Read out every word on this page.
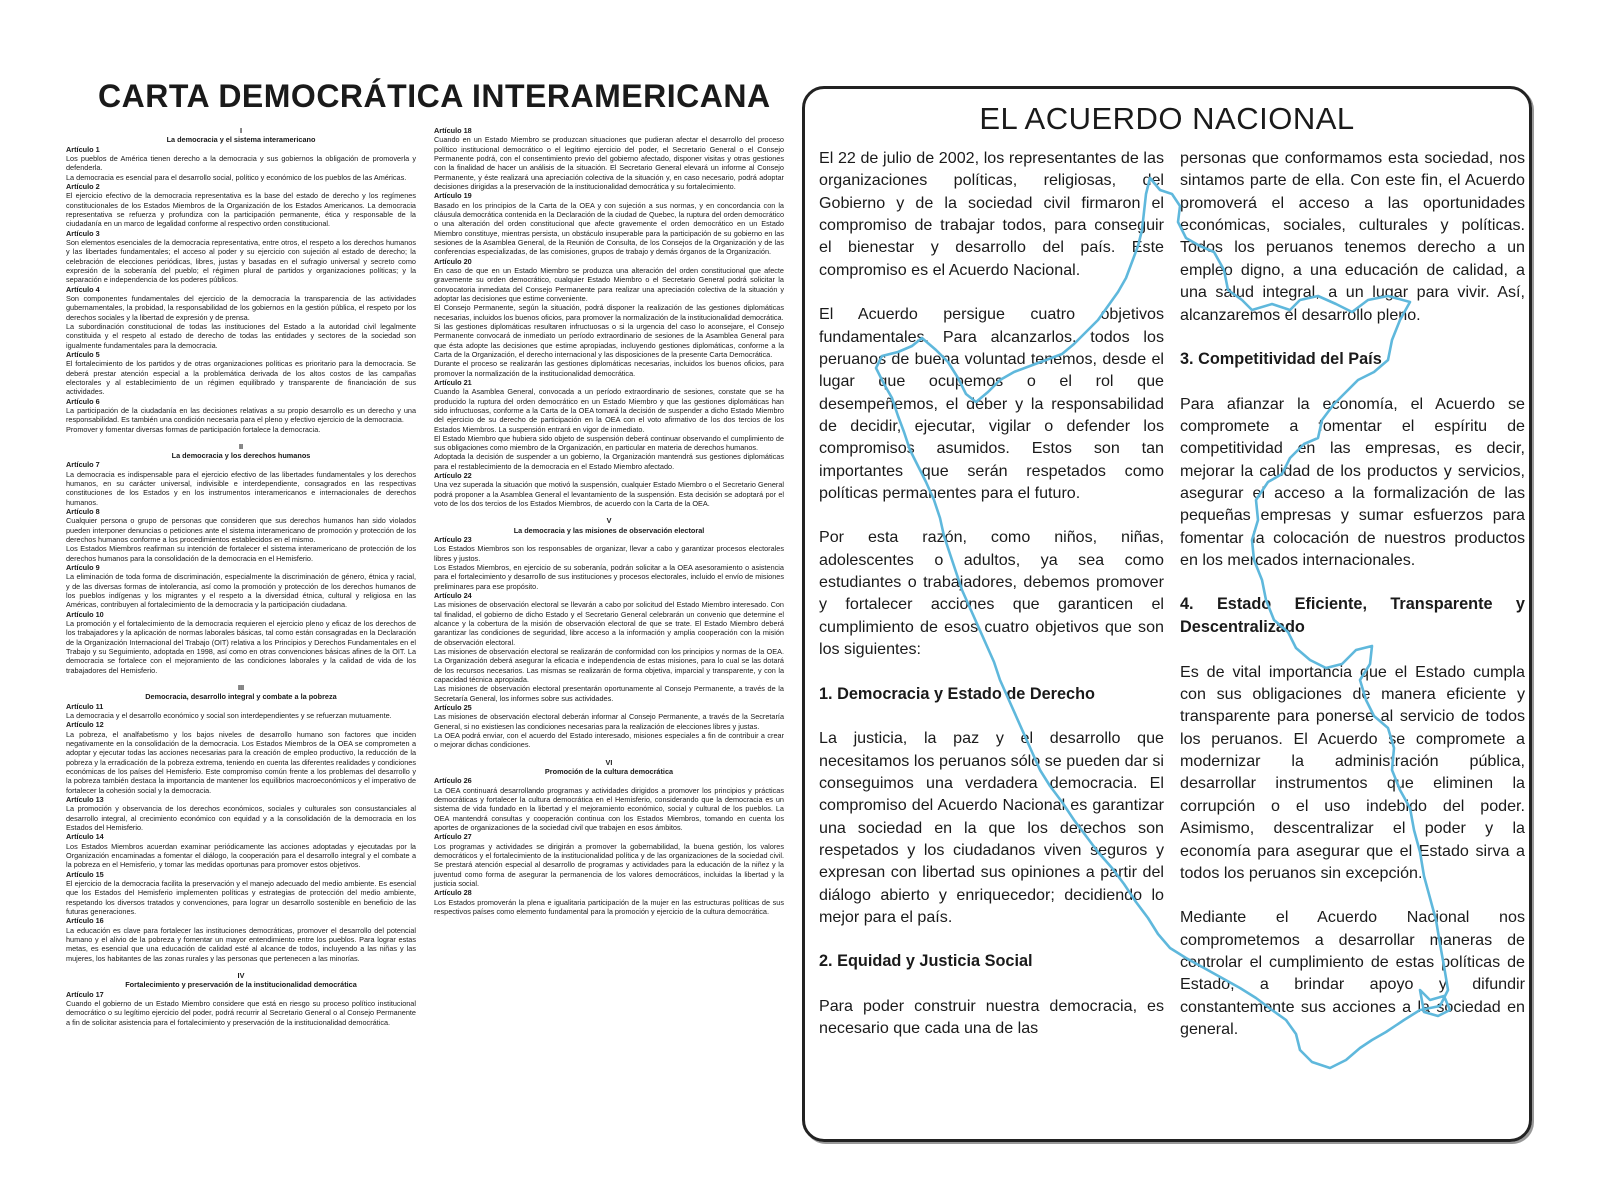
CARTA DEMOCRÁTICA INTERAMERICANA
I
La democracia y el sistema interamericano
Artículo 1
Los pueblos de América tienen derecho a la democracia y sus gobiernos la obligación de promoverla y defenderla.
La democracia es esencial para el desarrollo social, político y económico de los pueblos de las Américas.
Artículo 2
El ejercicio efectivo de la democracia representativa es la base del estado de derecho y los regímenes constitucionales de los Estados Miembros de la Organización de los Estados Americanos. La democracia representativa se refuerza y profundiza con la participación permanente, ética y responsable de la ciudadanía en un marco de legalidad conforme al respectivo orden constitucional.
Artículo 3
Son elementos esenciales de la democracia representativa, entre otros, el respeto a los derechos humanos y las libertades fundamentales; el acceso al poder y su ejercicio con sujeción al estado de derecho; la celebración de elecciones periódicas, libres, justas y basadas en el sufragio universal y secreto como expresión de la soberanía del pueblo; el régimen plural de partidos y organizaciones políticas; y la separación e independencia de los poderes públicos.
Artículo 4
Son componentes fundamentales del ejercicio de la democracia la transparencia de las actividades gubernamentales, la probidad, la responsabilidad de los gobiernos en la gestión pública, el respeto por los derechos sociales y la libertad de expresión y de prensa.
La subordinación constitucional de todas las instituciones del Estado a la autoridad civil legalmente constituida y el respeto al estado de derecho de todas las entidades y sectores de la sociedad son igualmente fundamentales para la democracia.
Artículo 5
El fortalecimiento de los partidos y de otras organizaciones políticas es prioritario para la democracia. Se deberá prestar atención especial a la problemática derivada de los altos costos de las campañas electorales y al establecimiento de un régimen equilibrado y transparente de financiación de sus actividades.
Artículo 6
La participación de la ciudadanía en las decisiones relativas a su propio desarrollo es un derecho y una responsabilidad. Es también una condición necesaria para el pleno y efectivo ejercicio de la democracia.
Promover y fomentar diversas formas de participación fortalece la democracia.
II
La democracia y los derechos humanos
Artículo 7
La democracia es indispensable para el ejercicio efectivo de las libertades fundamentales y los derechos humanos, en su carácter universal, indivisible e interdependiente, consagrados en las respectivas constituciones de los Estados y en los instrumentos interamericanos e internacionales de derechos humanos.
Artículo 8
Cualquier persona o grupo de personas que consideren que sus derechos humanos han sido violados pueden interponer denuncias o peticiones ante el sistema interamericano de promoción y protección de los derechos humanos conforme a los procedimientos establecidos en el mismo.
Los Estados Miembros reafirman su intención de fortalecer el sistema interamericano de protección de los derechos humanos para la consolidación de la democracia en el Hemisferio.
Artículo 9
La eliminación de toda forma de discriminación, especialmente la discriminación de género, étnica y racial, y de las diversas formas de intolerancia, así como la promoción y protección de los derechos humanos de los pueblos indígenas y los migrantes y el respeto a la diversidad étnica, cultural y religiosa en las Américas, contribuyen al fortalecimiento de la democracia y la participación ciudadana.
Artículo 10
La promoción y el fortalecimiento de la democracia requieren el ejercicio pleno y eficaz de los derechos de los trabajadores y la aplicación de normas laborales básicas, tal como están consagradas en la Declaración de la Organización Internacional del Trabajo (OIT) relativa a los Principios y Derechos Fundamentales en el Trabajo y su Seguimiento, adoptada en 1998, así como en otras convenciones básicas afines de la OIT. La democracia se fortalece con el mejoramiento de las condiciones laborales y la calidad de vida de los trabajadores del Hemisferio.
III
Democracia, desarrollo integral y combate a la pobreza
Artículo 11
La democracia y el desarrollo económico y social son interdependientes y se refuerzan mutuamente.
Artículo 12
La pobreza, el analfabetismo y los bajos niveles de desarrollo humano son factores que inciden negativamente en la consolidación de la democracia. Los Estados Miembros de la OEA se comprometen a adoptar y ejecutar todas las acciones necesarias para la creación de empleo productivo, la reducción de la pobreza y la erradicación de la pobreza extrema, teniendo en cuenta las diferentes realidades y condiciones económicas de los países del Hemisferio. Este compromiso común frente a los problemas del desarrollo y la pobreza también destaca la importancia de mantener los equilibrios macroeconómicos y el imperativo de fortalecer la cohesión social y la democracia.
Artículo 13
La promoción y observancia de los derechos económicos, sociales y culturales son consustanciales al desarrollo integral, al crecimiento económico con equidad y a la consolidación de la democracia en los Estados del Hemisferio.
Artículo 14
Los Estados Miembros acuerdan examinar periódicamente las acciones adoptadas y ejecutadas por la Organización encaminadas a fomentar el diálogo, la cooperación para el desarrollo integral y el combate a la pobreza en el Hemisferio, y tomar las medidas oportunas para promover estos objetivos.
Artículo 15
El ejercicio de la democracia facilita la preservación y el manejo adecuado del medio ambiente. Es esencial que los Estados del Hemisferio implementen políticas y estrategias de protección del medio ambiente, respetando los diversos tratados y convenciones, para lograr un desarrollo sostenible en beneficio de las futuras generaciones.
Artículo 16
La educación es clave para fortalecer las instituciones democráticas, promover el desarrollo del potencial humano y el alivio de la pobreza y fomentar un mayor entendimiento entre los pueblos. Para lograr estas metas, es esencial que una educación de calidad esté al alcance de todos, incluyendo a las niñas y las mujeres, los habitantes de las zonas rurales y las personas que pertenecen a las minorías.
IV
Fortalecimiento y preservación de la institucionalidad democrática
Artículo 17
Cuando el gobierno de un Estado Miembro considere que está en riesgo su proceso político institucional democrático o su legítimo ejercicio del poder, podrá recurrir al Secretario General o al Consejo Permanente a fin de solicitar asistencia para el fortalecimiento y preservación de la institucionalidad democrática.
Artículo 18
Cuando en un Estado Miembro se produzcan situaciones que pudieran afectar el desarrollo del proceso político institucional democrático o el legítimo ejercicio del poder, el Secretario General o el Consejo Permanente podrá, con el consentimiento previo del gobierno afectado, disponer visitas y otras gestiones con la finalidad de hacer un análisis de la situación. El Secretario General elevará un informe al Consejo Permanente, y éste realizará una apreciación colectiva de la situación y, en caso necesario, podrá adoptar decisiones dirigidas a la preservación de la institucionalidad democrática y su fortalecimiento.
Artículo 19
Basado en los principios de la Carta de la OEA y con sujeción a sus normas, y en concordancia con la cláusula democrática contenida en la Declaración de la ciudad de Quebec, la ruptura del orden democrático o una alteración del orden constitucional que afecte gravemente el orden democrático en un Estado Miembro constituye, mientras persista, un obstáculo insuperable para la participación de su gobierno en las sesiones de la Asamblea General, de la Reunión de Consulta, de los Consejos de la Organización y de las conferencias especializadas, de las comisiones, grupos de trabajo y demás órganos de la Organización.
Artículo 20
En caso de que en un Estado Miembro se produzca una alteración del orden constitucional que afecte gravemente su orden democrático, cualquier Estado Miembro o el Secretario General podrá solicitar la convocatoria inmediata del Consejo Permanente para realizar una apreciación colectiva de la situación y adoptar las decisiones que estime conveniente.
El Consejo Permanente, según la situación, podrá disponer la realización de las gestiones diplomáticas necesarias, incluidos los buenos oficios, para promover la normalización de la institucionalidad democrática.
Si las gestiones diplomáticas resultaren infructuosas o si la urgencia del caso lo aconsejare, el Consejo Permanente convocará de inmediato un período extraordinario de sesiones de la Asamblea General para que ésta adopte las decisiones que estime apropiadas, incluyendo gestiones diplomáticas, conforme a la Carta de la Organización, el derecho internacional y las disposiciones de la presente Carta Democrática.
Durante el proceso se realizarán las gestiones diplomáticas necesarias, incluidos los buenos oficios, para promover la normalización de la institucionalidad democrática.
Artículo 21
Cuando la Asamblea General, convocada a un período extraordinario de sesiones, constate que se ha producido la ruptura del orden democrático en un Estado Miembro y que las gestiones diplomáticas han sido infructuosas, conforme a la Carta de la OEA tomará la decisión de suspender a dicho Estado Miembro del ejercicio de su derecho de participación en la OEA con el voto afirmativo de los dos tercios de los Estados Miembros. La suspensión entrará en vigor de inmediato.
El Estado Miembro que hubiera sido objeto de suspensión deberá continuar observando el cumplimiento de sus obligaciones como miembro de la Organización, en particular en materia de derechos humanos.
Adoptada la decisión de suspender a un gobierno, la Organización mantendrá sus gestiones diplomáticas para el restablecimiento de la democracia en el Estado Miembro afectado.
Artículo 22
Una vez superada la situación que motivó la suspensión, cualquier Estado Miembro o el Secretario General podrá proponer a la Asamblea General el levantamiento de la suspensión. Esta decisión se adoptará por el voto de los dos tercios de los Estados Miembros, de acuerdo con la Carta de la OEA.
V
La democracia y las misiones de observación electoral
Artículo 23
Los Estados Miembros son los responsables de organizar, llevar a cabo y garantizar procesos electorales libres y justos.
Los Estados Miembros, en ejercicio de su soberanía, podrán solicitar a la OEA asesoramiento o asistencia para el fortalecimiento y desarrollo de sus instituciones y procesos electorales, incluido el envío de misiones preliminares para ese propósito.
Artículo 24
Las misiones de observación electoral se llevarán a cabo por solicitud del Estado Miembro interesado. Con tal finalidad, el gobierno de dicho Estado y el Secretario General celebrarán un convenio que determine el alcance y la cobertura de la misión de observación electoral de que se trate. El Estado Miembro deberá garantizar las condiciones de seguridad, libre acceso a la información y amplia cooperación con la misión de observación electoral.
Las misiones de observación electoral se realizarán de conformidad con los principios y normas de la OEA. La Organización deberá asegurar la eficacia e independencia de estas misiones, para lo cual se las dotará de los recursos necesarios. Las mismas se realizarán de forma objetiva, imparcial y transparente, y con la capacidad técnica apropiada.
Las misiones de observación electoral presentarán oportunamente al Consejo Permanente, a través de la Secretaría General, los informes sobre sus actividades.
Artículo 25
Las misiones de observación electoral deberán informar al Consejo Permanente, a través de la Secretaría General, si no existiesen las condiciones necesarias para la realización de elecciones libres y justas.
La OEA podrá enviar, con el acuerdo del Estado interesado, misiones especiales a fin de contribuir a crear o mejorar dichas condiciones.
VI
Promoción de la cultura democrática
Artículo 26
La OEA continuará desarrollando programas y actividades dirigidos a promover los principios y prácticas democráticas y fortalecer la cultura democrática en el Hemisferio, considerando que la democracia es un sistema de vida fundado en la libertad y el mejoramiento económico, social y cultural de los pueblos. La OEA mantendrá consultas y cooperación continua con los Estados Miembros, tomando en cuenta los aportes de organizaciones de la sociedad civil que trabajen en esos ámbitos.
Artículo 27
Los programas y actividades se dirigirán a promover la gobernabilidad, la buena gestión, los valores democráticos y el fortalecimiento de la institucionalidad política y de las organizaciones de la sociedad civil. Se prestará atención especial al desarrollo de programas y actividades para la educación de la niñez y la juventud como forma de asegurar la permanencia de los valores democráticos, incluidas la libertad y la justicia social.
Artículo 28
Los Estados promoverán la plena e igualitaria participación de la mujer en las estructuras políticas de sus respectivos países como elemento fundamental para la promoción y ejercicio de la cultura democrática.
EL ACUERDO NACIONAL
El 22 de julio de 2002, los representantes de las organizaciones políticas, religiosas, del Gobierno y de la sociedad civil firmaron el compromiso de trabajar todos, para conseguir el bienestar y desarrollo del país. Este compromiso es el Acuerdo Nacional.
El Acuerdo persigue cuatro objetivos fundamentales. Para alcanzarlos, todos los peruanos de buena voluntad tenemos, desde el lugar que ocupemos o el rol que desempeñemos, el deber y la responsabilidad de decidir, ejecutar, vigilar o defender los compromisos asumidos. Estos son tan importantes que serán respetados como políticas permanentes para el futuro.
Por esta razón, como niños, niñas, adolescentes o adultos, ya sea como estudiantes o trabajadores, debemos promover y fortalecer acciones que garanticen el cumplimiento de esos cuatro objetivos que son los siguientes:
1. Democracia y Estado de Derecho
La justicia, la paz y el desarrollo que necesitamos los peruanos sólo se pueden dar si conseguimos una verdadera democracia. El compromiso del Acuerdo Nacional es garantizar una sociedad en la que los derechos son respetados y los ciudadanos viven seguros y expresan con libertad sus opiniones a partir del diálogo abierto y enriquecedor; decidiendo lo mejor para el país.
2. Equidad y Justicia Social
Para poder construir nuestra democracia, es necesario que cada una de las
personas que conformamos esta sociedad, nos sintamos parte de ella. Con este fin, el Acuerdo promoverá el acceso a las oportunidades económicas, sociales, culturales y políticas. Todos los peruanos tenemos derecho a un empleo digno, a una educación de calidad, a una salud integral, a un lugar para vivir. Así, alcanzaremos el desarrollo pleno.
3. Competitividad del País
Para afianzar la economía, el Acuerdo se compromete a fomentar el espíritu de competitividad en las empresas, es decir, mejorar la calidad de los productos y servicios, asegurar el acceso a la formalización de las pequeñas empresas y sumar esfuerzos para fomentar la colocación de nuestros productos en los mercados internacionales.
4. Estado Eficiente, Transparente y Descentralizado
Es de vital importancia que el Estado cumpla con sus obligaciones de manera eficiente y transparente para ponerse al servicio de todos los peruanos. El Acuerdo se compromete a modernizar la administración pública, desarrollar instrumentos que eliminen la corrupción o el uso indebido del poder. Asimismo, descentralizar el poder y la economía para asegurar que el Estado sirva a todos los peruanos sin excepción.
Mediante el Acuerdo Nacional nos comprometemos a desarrollar maneras de controlar el cumplimiento de estas políticas de Estado, a brindar apoyo y difundir constantemente sus acciones a la sociedad en general.
